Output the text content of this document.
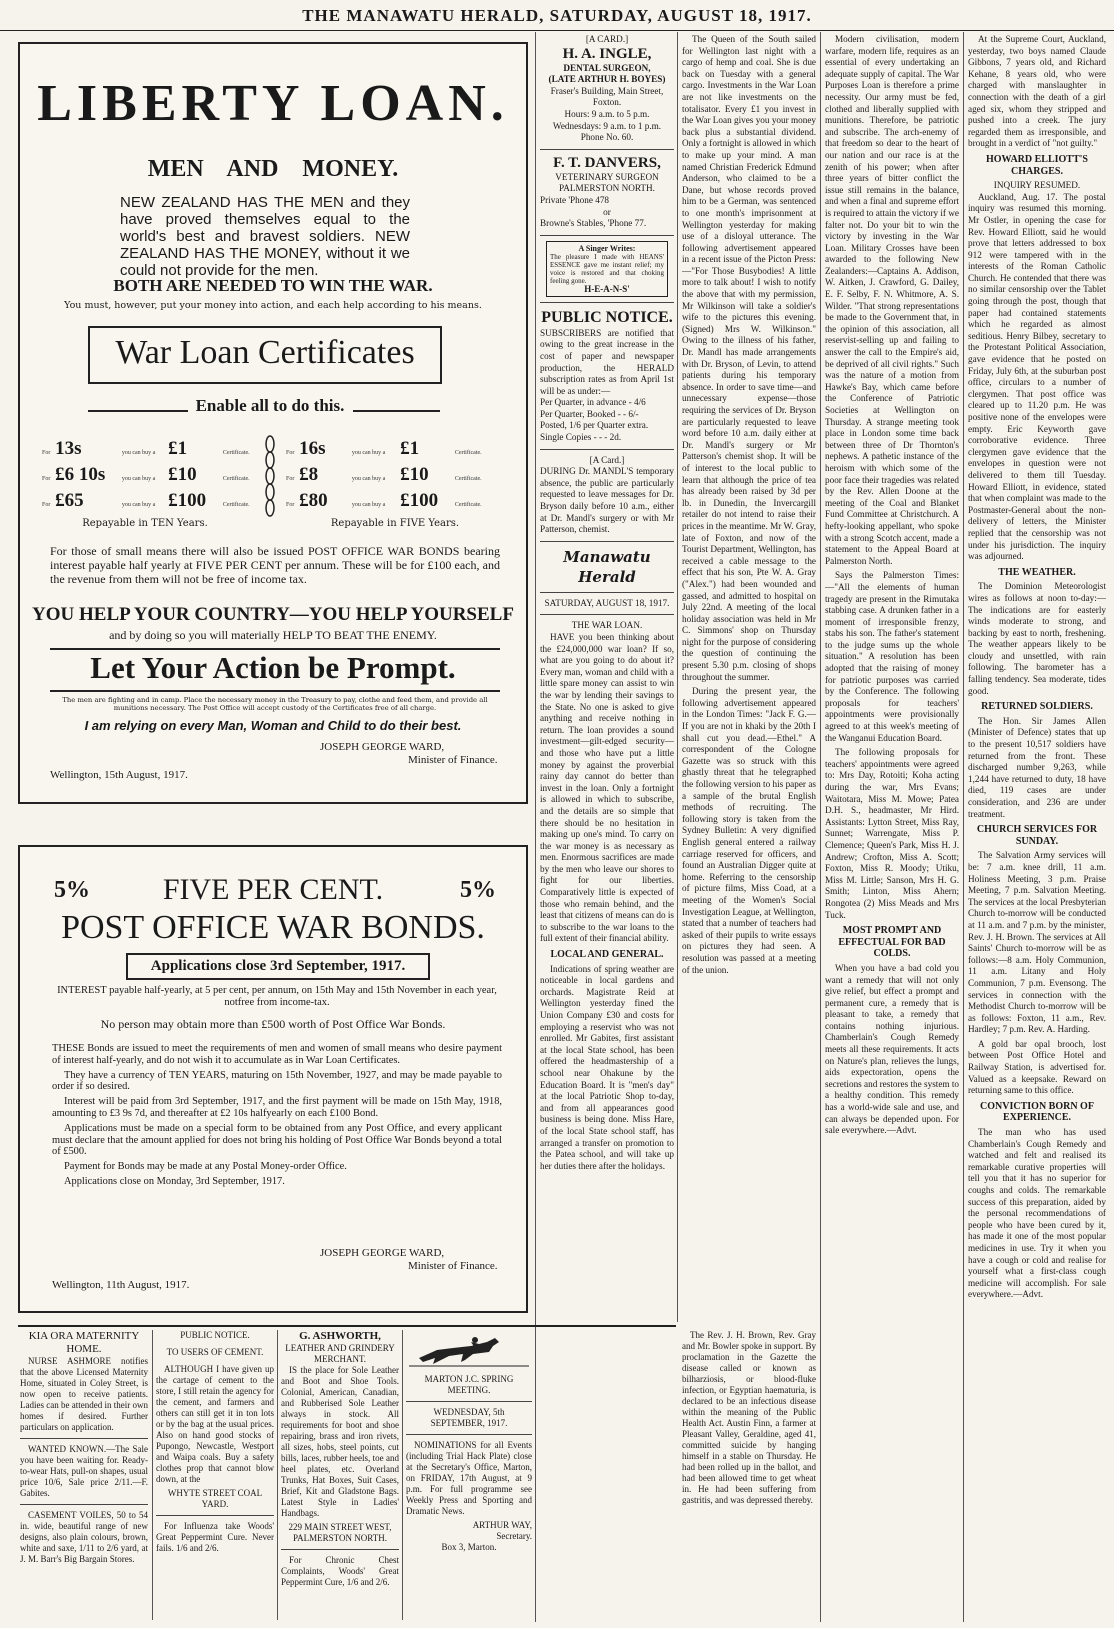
THE MANAWATU HERALD, SATURDAY, AUGUST 18, 1917.
LIBERTY LOAN.
MEN AND MONEY.
NEW ZEALAND HAS THE MEN and they have proved themselves equal to the world's best and bravest soldiers. NEW ZEALAND HAS THE MONEY, without it we could not provide for the men.
BOTH ARE NEEDED TO WIN THE WAR.
You must, however, put your money into action, and each help according to his means.
War Loan Certificates
Enable all to do this.
For 13s	you can buy a £1	Certificate.
For £6 10s	you can buy a £10	Certificate.
For £65	you can buy a £100	Certificate.
Repayable in TEN Years.
For 16s	you can buy a £1	Certificate.
For £8	you can buy a £10	Certificate.
For £80	you can buy a £100	Certificate.
Repayable in FIVE Years.
For those of small means there will also be issued POST OFFICE WAR BONDS bearing interest payable half yearly at FIVE PER CENT per annum. These will be for £100 each, and the revenue from them will not be free of income tax.
YOU HELP YOUR COUNTRY—YOU HELP YOURSELF
and by doing so you will materially HELP TO BEAT THE ENEMY.
Let Your Action be Prompt.
The men are fighting and in camp. Place the necessary money in the Treasury to pay, clothe and feed them, and provide all munitions necessary. The Post Office will accept custody of the Certificates free of all charge.
I am relying on every Man, Woman and Child to do their best.
JOSEPH GEORGE WARD,
Minister of Finance.
Wellington, 15th August, 1917.
5%	FIVE PER CENT.	5%
POST OFFICE WAR BONDS.
Applications close 3rd September, 1917.
INTEREST payable half-yearly, at 5 per cent, per annum, on 15th May and 15th November in each year, notfree from income-tax.
No person may obtain more than £500 worth of Post Office War Bonds.

THESE Bonds are issued to meet the requirements of men and women of small means who desire payment of interest half-yearly, and do not wish it to accumulate as in War Loan Certificates.

They have a currency of TEN YEARS, maturing on 15th November, 1927, and may be made payable to order if so desired.

Interest will be paid from 3rd September, 1917, and the first payment will be made on 15th May, 1918, amounting to £3 9s 7d, and thereafter at £2 10s halfyearly on each £100 Bond.

Applications must be made on a special form to be obtained from any Post Office, and every applicant must declare that the amount applied for does not bring his holding of Post Office War Bonds beyond a total of £500.

Payment for Bonds may be made at any Postal Money-order Office.

Applications close on Monday, 3rd September, 1917.

JOSEPH GEORGE WARD,
Minister of Finance.
Wellington, 11th August, 1917.
[A CARD.]
H. A. INGLE,
DENTAL SURGEON,
(LATE ARTHUR H. BOYES)
Fraser's Building, Main Street, Foxton.
Hours: 9 a.m. to 5 p.m. Wednesdays: 9 a.m. to 1 p.m.
Phone No. 60.
F. T. DANVERS,
VETERINARY SURGEON
PALMERSTON NORTH.
Private 'Phone 478
or
Browne's Stables, 'Phone 77.
A Singer Writes:
The pleasure I made with HEANS' ESSENCE gave me instant relief; my voice is restored and that choking feeling gone.
H-E-A-N-S'
PUBLIC NOTICE.
SUBSCRIBERS are notified that owing to the great increase in the cost of paper and newspaper production, the HERALD subscription rates as from April 1st will be as under:—
Per Quarter, in advance - 4/6
Per Quarter, Booked - - 6/-
Posted, 1/6 per Quarter extra.
Single Copies - - - 2d.
[A Card.]
DURING Dr. MANDL'S temporary absence, the public are particularly requested to leave messages for Dr. Bryson daily before 10 a.m., either at Dr. Mandl's surgery or with Mr Patterson, chemist.
Manawatu Herald
SATURDAY, AUGUST 18, 1917.
THE WAR LOAN.

HAVE you been thinking about the £24,000,000 war loan? If so, what are you going to do about it? Every man, woman and child with a little spare money can assist to win the war by lending their savings to the State. No one is asked to give anything and receive nothing in return. The loan provides a sound investment—gilt-edged security—and those who have put a little money by against the proverbial rainy day cannot do better than invest in the loan. Only a fortnight is allowed in which to subscribe, and the details are so simple that there should be no hesitation in making up one's mind. To carry on the war money is as necessary as men. Enormous sacrifices are made by the men who leave our shores to fight for our liberties. Comparatively little is expected of those who remain behind, and the least that citizens of means can do is to subscribe to the war loans to the full extent of their financial ability.

LOCAL AND GENERAL.

Indications of spring weather are noticeable in local gardens and orchards. Magistrate Reid at Wellington yesterday fined the Union Company £30 and costs for employing a reservist who was not enrolled. Mr Gabites, first assistant at the local State school, has been offered the headmastership of a school near Ohakune by the Education Board. It is "men's day" at the local Patriotic Shop to-day, and from all appearances good business is being done. Miss Hare, of the local State school staff, has arranged a transfer on promotion to the Patea school, and will take up her duties there after the holidays.

The Queen of the South sailed for Wellington last night with a cargo of hemp and coal. She is due back on Tuesday with a general cargo. Investments in the War Loan are not like investments on the totalisator. Every £1 you invest in the War Loan gives you your money back plus a substantial dividend. Only a fortnight is allowed in which to make up your mind. A man named Christian Frederick Edmund Anderson, who claimed to be a Dane, but whose records proved him to be a German, was sentenced to one month's imprisonment at Wellington yesterday for making use of a disloyal utterance. The following advertisement appeared in a recent issue of the Picton Press:—"For Those Busybodies! A little more to talk about! I wish to notify the above that with my permission, Mr Wilkinson will take a soldier's wife to the pictures this evening. (Signed) Mrs W. Wilkinson." Owing to the illness of his father, Dr. Mandl has made arrangements with Dr. Bryson, of Levin, to attend patients during his temporary absence. In order to save time—and unnecessary expense—those requiring the services of Dr. Bryson are particularly requested to leave word before 10 a.m. daily either at Dr. Mandl's surgery or Mr Patterson's chemist shop. It will be of interest to the local public to learn that although the price of tea has already been raised by 3d per lb. in Dunedin, the Invercargill retailer do not intend to raise their prices in the meantime. Mr W. Gray, late of Foxton, and now of the Tourist Department, Wellington, has received a cable message to the effect that his son, Pte W. A. Gray ("Alex.") had been wounded and gassed, and admitted to hospital on July 22nd. A meeting of the local holiday association was held in Mr C. Simmons' shop on Thursday night for the purpose of considering the question of continuing the present 5.30 p.m. closing of shops throughout the summer.

During the present year, the following advertisement appeared in the London Times: "Jack F. G.—If you are not in khaki by the 20th I shall cut you dead.—Ethel." A correspondent of the Cologne Gazette was so struck with this ghastly threat that he telegraphed the following version to his paper as a sample of the brutal English methods of recruiting. The following story is taken from the Sydney Bulletin: A very dignified English general entered a railway carriage reserved for officers, and found an Australian Digger quite at home. Referring to the censorship of picture films, Miss Coad, at a meeting of the Women's Social Investigation League, at Wellington, stated that a number of teachers had asked of their pupils to write essays on pictures they had seen. A resolution was passed at a meeting of the union.

Modern civilisation, modern warfare, modern life, requires as an essential of every undertaking an adequate supply of capital. The War Purposes Loan is therefore a prime necessity. Our army must be fed, clothed and liberally supplied with munitions. Therefore, be patriotic and subscribe. The arch-enemy of that freedom so dear to the heart of our nation and our race is at the zenith of his power; when after three years of bitter conflict the issue still remains in the balance, and when a final and supreme effort is required to attain the victory if we falter not. Do your bit to win the victory by investing in the War Loan. Military Crosses have been awarded to the following New Zealanders:—Captains A. Addison, W. Aitken, J. Crawford, G. Dailey, E. F. Selby, F. N. Whitmore, A. S. Wilder. "That strong representations be made to the Government that, in the opinion of this association, all reservist-selling up and failing to answer the call to the Empire's aid, be deprived of all civil rights." Such was the nature of a motion from Hawke's Bay, which came before the Conference of Patriotic Societies at Wellington on Thursday. A strange meeting took place in London some time back between three of Dr Thornton's nephews. A pathetic instance of the heroism with which some of the poor face their tragedies was related by the Rev. Allen Doone at the meeting of the Coal and Blanket Fund Committee at Christchurch. A hefty-looking appellant, who spoke with a strong Scotch accent, made a statement to the Appeal Board at Palmerston North.

Says the Palmerston Times:—"All the elements of human tragedy are present in the Rimutaka stabbing case. A drunken father in a moment of irresponsible frenzy, stabs his son. The father's statement to the judge sums up the whole situation." A resolution has been adopted that the raising of money for patriotic purposes was carried by the Conference. The following proposals for teachers' appointments were provisionally agreed to at this week's meeting of the Wanganui Education Board.

The following proposals for teachers' appointments were agreed to: Mrs Day, Rotoiti; Koha acting during the war, Mrs Evans; Waitotara, Miss M. Mowe; Patea D.H. S., headmaster, Mr Hird. Assistants: Lytton Street, Miss Ray, Sunnet; Warrengate, Miss P. Clemence; Queen's Park, Miss H. J. Andrew; Crofton, Miss A. Scott; Foxton, Miss R. Moody; Utiku, Miss M. Little; Sanson, Mrs H. G. Smith; Linton, Miss Ahern; Rongotea (2) Miss Meads and Mrs Tuck.

MOST PROMPT AND EFFECTUAL FOR BAD COLDS.

When you have a bad cold you want a remedy that will not only give relief, but effect a prompt and permanent cure, a remedy that is pleasant to take, a remedy that contains nothing injurious. Chamberlain's Cough Remedy meets all these requirements. It acts on Nature's plan, relieves the lungs, aids expectoration, opens the secretions and restores the system to a healthy condition. This remedy has a world-wide sale and use, and can always be depended upon. For sale everywhere.—Advt.

At the Supreme Court, Auckland, yesterday, two boys named Claude Gibbons, 7 years old, and Richard Kehane, 8 years old, who were charged with manslaughter in connection with the death of a girl aged six, whom they stripped and pushed into a creek. The jury regarded them as irresponsible, and brought in a verdict of "not guilty."

HOWARD ELLIOTT'S CHARGES.
INQUIRY RESUMED.

Auckland, Aug. 17. The postal inquiry was resumed this morning. Mr Ostler, in opening the case for Rev. Howard Elliott, said he would prove that letters addressed to box 912 were tampered with in the interests of the Roman Catholic Church. He contended that there was no similar censorship over the Tablet going through the post, though that paper had contained statements which he regarded as almost seditious. Henry Bilbey, secretary to the Protestant Political Association, gave evidence that he posted on Friday, July 6th, at the suburban post office, circulars to a number of clergymen. That post office was cleared up to 11.20 p.m. He was positive none of the envelopes were empty. Eric Keyworth gave corroborative evidence. Three clergymen gave evidence that the envelopes in question were not delivered to them till Tuesday. Howard Elliott, in evidence, stated that when complaint was made to the Postmaster-General about the non-delivery of letters, the Minister replied that the censorship was not under his jurisdiction. The inquiry was adjourned.

THE WEATHER.

The Dominion Meteorologist wires as follows at noon to-day:— The indications are for easterly winds moderate to strong, and backing by east to north, freshening. The weather appears likely to be cloudy and unsettled, with rain following. The barometer has a falling tendency. Sea moderate, tides good.

RETURNED SOLDIERS.

The Hon. Sir James Allen (Minister of Defence) states that up to the present 10,517 soldiers have returned from the front. These discharged number 9,263, while 1,244 have returned to duty, 18 have died, 119 cases are under consideration, and 236 are under treatment.

CHURCH SERVICES FOR SUNDAY.

The Salvation Army services will be: 7 a.m. knee drill, 11 a.m. Holiness Meeting, 3 p.m. Praise Meeting, 7 p.m. Salvation Meeting. The services at the local Presbyterian Church to-morrow will be conducted at 11 a.m. and 7 p.m. by the minister, Rev. J. H. Brown. The services at All Saints' Church to-morrow will be as follows:—8 a.m. Holy Communion, 11 a.m. Litany and Holy Communion, 7 p.m. Evensong. The services in connection with the Methodist Church to-morrow will be as follows: Foxton, 11 a.m., Rev. Hardley; 7 p.m. Rev. A. Harding.

A gold bar opal brooch, lost between Post Office Hotel and Railway Station, is advertised for. Valued as a keepsake. Reward on returning same to this office.

CONVICTION BORN OF EXPERIENCE.

The man who has used Chamberlain's Cough Remedy and watched and felt and realised its remarkable curative properties will tell you that it has no superior for coughs and colds. The remarkable success of this preparation, aided by the personal recommendations of people who have been cured by it, has made it one of the most popular medicines in use. Try it when you have a cough or cold and realise for yourself what a first-class cough medicine will accomplish. For sale everywhere.—Advt.

KIA ORA MATERNITY HOME.

NURSE ASHMORE notifies that the above Licensed Maternity Home, situated in Coley Street, is now open to receive patients. Ladies can be attended in their own homes if desired. Further particulars on application.

WANTED KNOWN.—The Sale you have been waiting for. Ready-to-wear Hats, pull-on shapes, usual price 10/6, Sale price 2/11.—F. Gabites.

CASEMENT VOILES, 50 to 54 in. wide, beautiful range of new designs, also plain colours, brown, white and saxe, 1/11 to 2/6 yard, at J. M. Barr's Big Bargain Stores.

PUBLIC NOTICE.
TO USERS OF CEMENT.

ALTHOUGH I have given up the cartage of cement to the store, I still retain the agency for the cement, and farmers and others can still get it in ton lots or by the bag at the usual prices. Also on hand good stocks of Pupongo, Newcastle, Westport and Waipa coals. Buy a safety clothes prop that cannot blow down, at the

WHYTE STREET COAL YARD.

For Influenza take Woods' Great Peppermint Cure. Never fails. 1/6 and 2/6.

G. ASHWORTH,
LEATHER AND GRINDERY MERCHANT.

IS the place for Sole Leather and Boot and Shoe Tools. Colonial, American, Canadian, and Rubberised Sole Leather always in stock. All requirements for boot and shoe repairing, brass and iron rivets, all sizes, hobs, steel points, cut bills, laces, rubber heels, toe and heel plates, etc. Overland Trunks, Hat Boxes, Suit Cases, Brief, Kit and Gladstone Bags. Latest Style in Ladies' Handbags.

229 MAIN STREET WEST, PALMERSTON NORTH.

For Chronic Chest Complaints, Woods' Great Peppermint Cure, 1/6 and 2/6.

MARTON J.C. SPRING MEETING.
WEDNESDAY, 5th SEPTEMBER, 1917.

NOMINATIONS for all Events (including Trial Hack Plate) close at the Secretary's Office, Marton, on FRIDAY, 17th August, at 9 p.m. For full programme see Weekly Press and Sporting and Dramatic News.

ARTHUR WAY,
Secretary.
Box 3, Marton.

The Rev. J. H. Brown, Rev. Gray and Mr. Bowler spoke in support. By proclamation in the Gazette the disease called or known as bilharziosis, or blood-fluke infection, or Egyptian haematuria, is declared to be an infectious disease within the meaning of the Public Health Act. Austin Finn, a farmer at Pleasant Valley, Geraldine, aged 41, committed suicide by hanging himself in a stable on Thursday. He had been rolled up in the ballot, and had been allowed time to get wheat in. He had been suffering from gastritis, and was depressed thereby.
